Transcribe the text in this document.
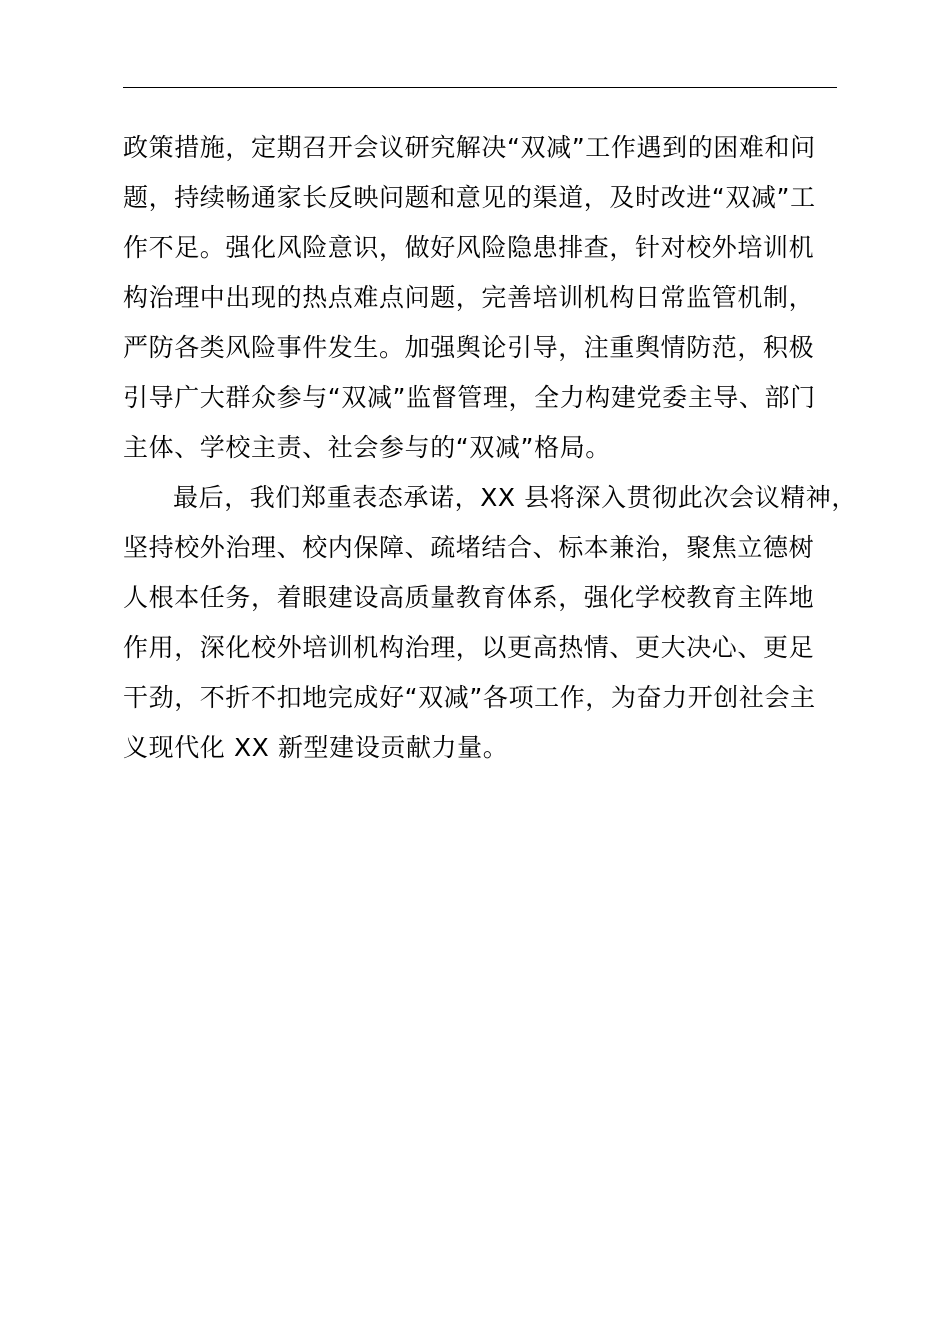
政策措施，定期召开会议研究解决“双减”工作遇到的困难和问
题，持续畅通家长反映问题和意见的渠道，及时改进“双减”工
作不足。强化风险意识，做好风险隐患排查，针对校外培训机
构治理中出现的热点难点问题，完善培训机构日常监管机制，
严防各类风险事件发生。加强舆论引导，注重舆情防范，积极
引导广大群众参与“双减”监督管理，全力构建党委主导、部门
主体、学校主责、社会参与的“双减”格局。
最后，我们郑重表态承诺，XX 县将深入贯彻此次会议精神，
坚持校外治理、校内保障、疏堵结合、标本兼治，聚焦立德树
人根本任务，着眼建设高质量教育体系，强化学校教育主阵地
作用，深化校外培训机构治理，以更高热情、更大决心、更足
干劲，不折不扣地完成好“双减”各项工作，为奋力开创社会主
义现代化 XX 新型建设贡献力量。
